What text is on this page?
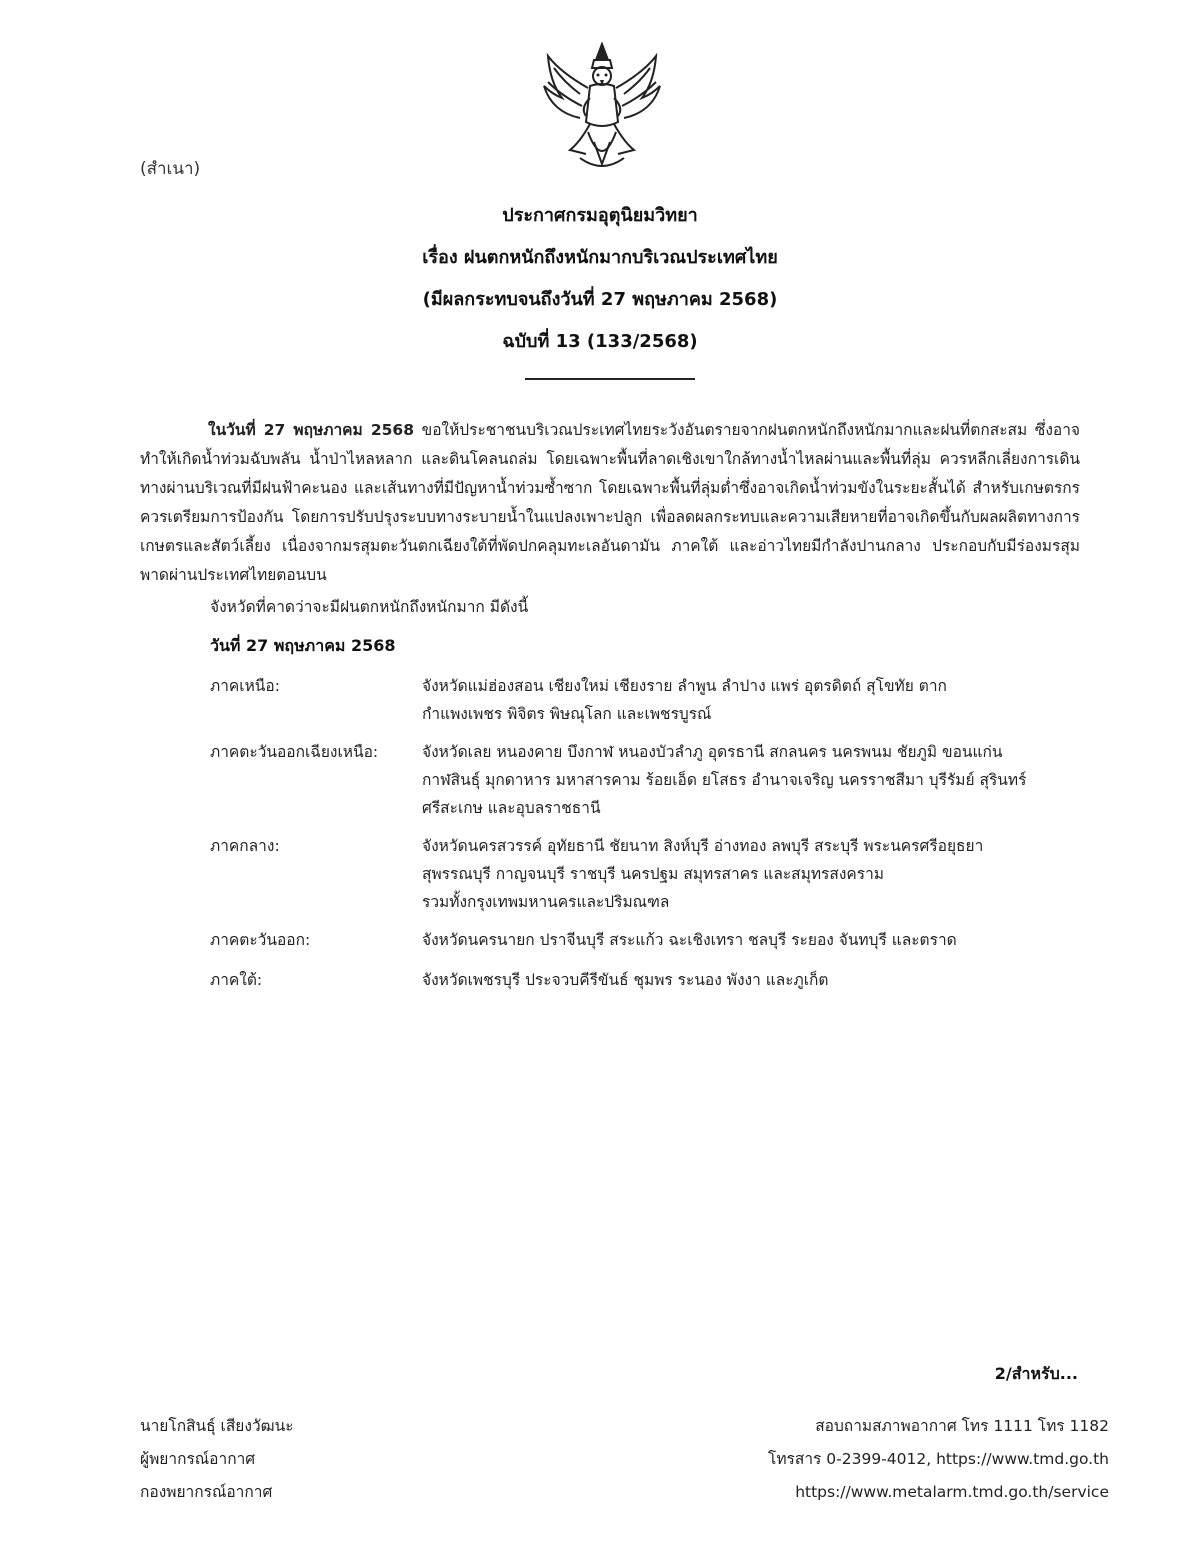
(สำเนา)
ประกาศกรมอุตุนิยมวิทยา
เรื่อง ฝนตกหนักถึงหนักมากบริเวณประเทศไทย
(มีผลกระทบจนถึงวันที่ 27 พฤษภาคม 2568)
ฉบับที่ 13 (133/2568)
ในวันที่ 27 พฤษภาคม 2568 ขอให้ประชาชนบริเวณประเทศไทยระวังอันตรายจากฝนตกหนักถึงหนักมากและฝนที่ตกสะสม ซึ่งอาจทำให้เกิดน้ำท่วมฉับพลัน น้ำป่าไหลหลาก และดินโคลนถล่ม โดยเฉพาะพื้นที่ลาดเชิงเขาใกล้ทางน้ำไหลผ่านและพื้นที่ลุ่ม ควรหลีกเลี่ยงการเดินทางผ่านบริเวณที่มีฝนฟ้าคะนอง และเส้นทางที่มีปัญหาน้ำท่วมซ้ำซาก โดยเฉพาะพื้นที่ลุ่มต่ำซึ่งอาจเกิดน้ำท่วมขังในระยะสั้นได้ สำหรับเกษตรกรควรเตรียมการป้องกัน โดยการปรับปรุงระบบทางระบายน้ำในแปลงเพาะปลูก เพื่อลดผลกระทบและความเสียหายที่อาจเกิดขึ้นกับผลผลิตทางการเกษตรและสัตว์เลี้ยง เนื่องจากมรสุมตะวันตกเฉียงใต้ที่พัดปกคลุมทะเลอันดามัน ภาคใต้ และอ่าวไทยมีกำลังปานกลาง ประกอบกับมีร่องมรสุมพาดผ่านประเทศไทยตอนบน
จังหวัดที่คาดว่าจะมีฝนตกหนักถึงหนักมาก มีดังนี้
วันที่ 27 พฤษภาคม 2568
ภาคเหนือ:	จังหวัดแม่ฮ่องสอน เชียงใหม่ เชียงราย ลำพูน ลำปาง แพร่ อุตรดิตถ์ สุโขทัย ตาก
กำแพงเพชร พิจิตร พิษณุโลก และเพชรบูรณ์
ภาคตะวันออกเฉียงเหนือ:	จังหวัดเลย หนองคาย บึงกาฬ หนองบัวลำภู อุดรธานี สกลนคร นครพนม ชัยภูมิ ขอนแก่น
กาฬสินธุ์ มุกดาหาร มหาสารคาม ร้อยเอ็ด ยโสธร อำนาจเจริญ นครราชสีมา บุรีรัมย์ สุรินทร์
ศรีสะเกษ และอุบลราชธานี
ภาคกลาง:	จังหวัดนครสวรรค์ อุทัยธานี ชัยนาท สิงห์บุรี อ่างทอง ลพบุรี สระบุรี พระนครศรีอยุธยา
สุพรรณบุรี กาญจนบุรี ราชบุรี นครปฐม สมุทรสาคร และสมุทรสงคราม
รวมทั้งกรุงเทพมหานครและปริมณฑล
ภาคตะวันออก:	จังหวัดนครนายก ปราจีนบุรี สระแก้ว ฉะเชิงเทรา ชลบุรี ระยอง จันทบุรี และตราด
ภาคใต้:	จังหวัดเพชรบุรี ประจวบคีรีขันธ์ ชุมพร ระนอง พังงา และภูเก็ต
2/สำหรับ...
นายโกสินธุ์ เสียงวัฒนะ
ผู้พยากรณ์อากาศ
กองพยากรณ์อากาศ
สอบถามสภาพอากาศ โทร 1111 โทร 1182
โทรสาร 0-2399-4012, https://www.tmd.go.th
https://www.metalarm.tmd.go.th/service
